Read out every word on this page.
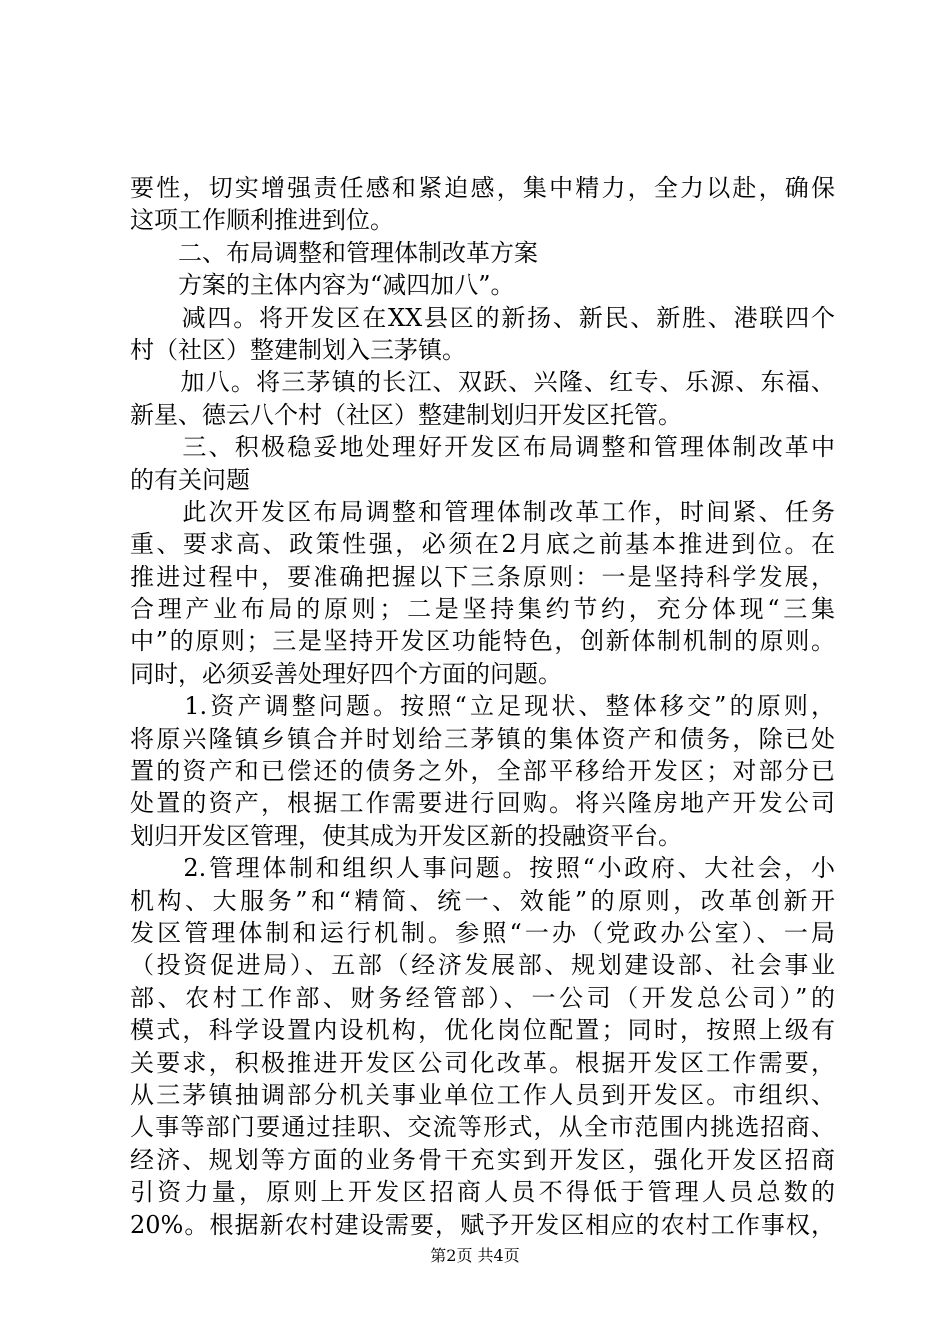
要性，切实增强责任感和紧迫感，集中精力，全力以赴，确保
这项工作顺利推进到位。
　　二、布局调整和管理体制改革方案
　　方案的主体内容为“减四加八”。
　　减四。将开发区在XX县区的新扬、新民、新胜、港联四个
村（社区）整建制划入三茅镇。
　　加八。将三茅镇的长江、双跃、兴隆、红专、乐源、东福、
新星、德云八个村（社区）整建制划归开发区托管。
　　三、积极稳妥地处理好开发区布局调整和管理体制改革中
的有关问题
　　此次开发区布局调整和管理体制改革工作，时间紧、任务
重、要求高、政策性强，必须在2月底之前基本推进到位。在
推进过程中，要准确把握以下三条原则：一是坚持科学发展，
合理产业布局的原则；二是坚持集约节约，充分体现“三集
中”的原则；三是坚持开发区功能特色，创新体制机制的原则。
同时，必须妥善处理好四个方面的问题。
　　1.资产调整问题。按照“立足现状、整体移交”的原则，
将原兴隆镇乡镇合并时划给三茅镇的集体资产和债务，除已处
置的资产和已偿还的债务之外，全部平移给开发区；对部分已
处置的资产，根据工作需要进行回购。将兴隆房地产开发公司
划归开发区管理，使其成为开发区新的投融资平台。
　　2.管理体制和组织人事问题。按照“小政府、大社会，小
机构、大服务”和“精简、统一、效能”的原则，改革创新开
发区管理体制和运行机制。参照“一办（党政办公室）、一局
（投资促进局）、五部（经济发展部、规划建设部、社会事业
部、农村工作部、财务经管部）、一公司（开发总公司）”的
模式，科学设置内设机构，优化岗位配置；同时，按照上级有
关要求，积极推进开发区公司化改革。根据开发区工作需要，
从三茅镇抽调部分机关事业单位工作人员到开发区。市组织、
人事等部门要通过挂职、交流等形式，从全市范围内挑选招商、
经济、规划等方面的业务骨干充实到开发区，强化开发区招商
引资力量，原则上开发区招商人员不得低于管理人员总数的
20%。根据新农村建设需要，赋予开发区相应的农村工作事权，
第2页 共4页
